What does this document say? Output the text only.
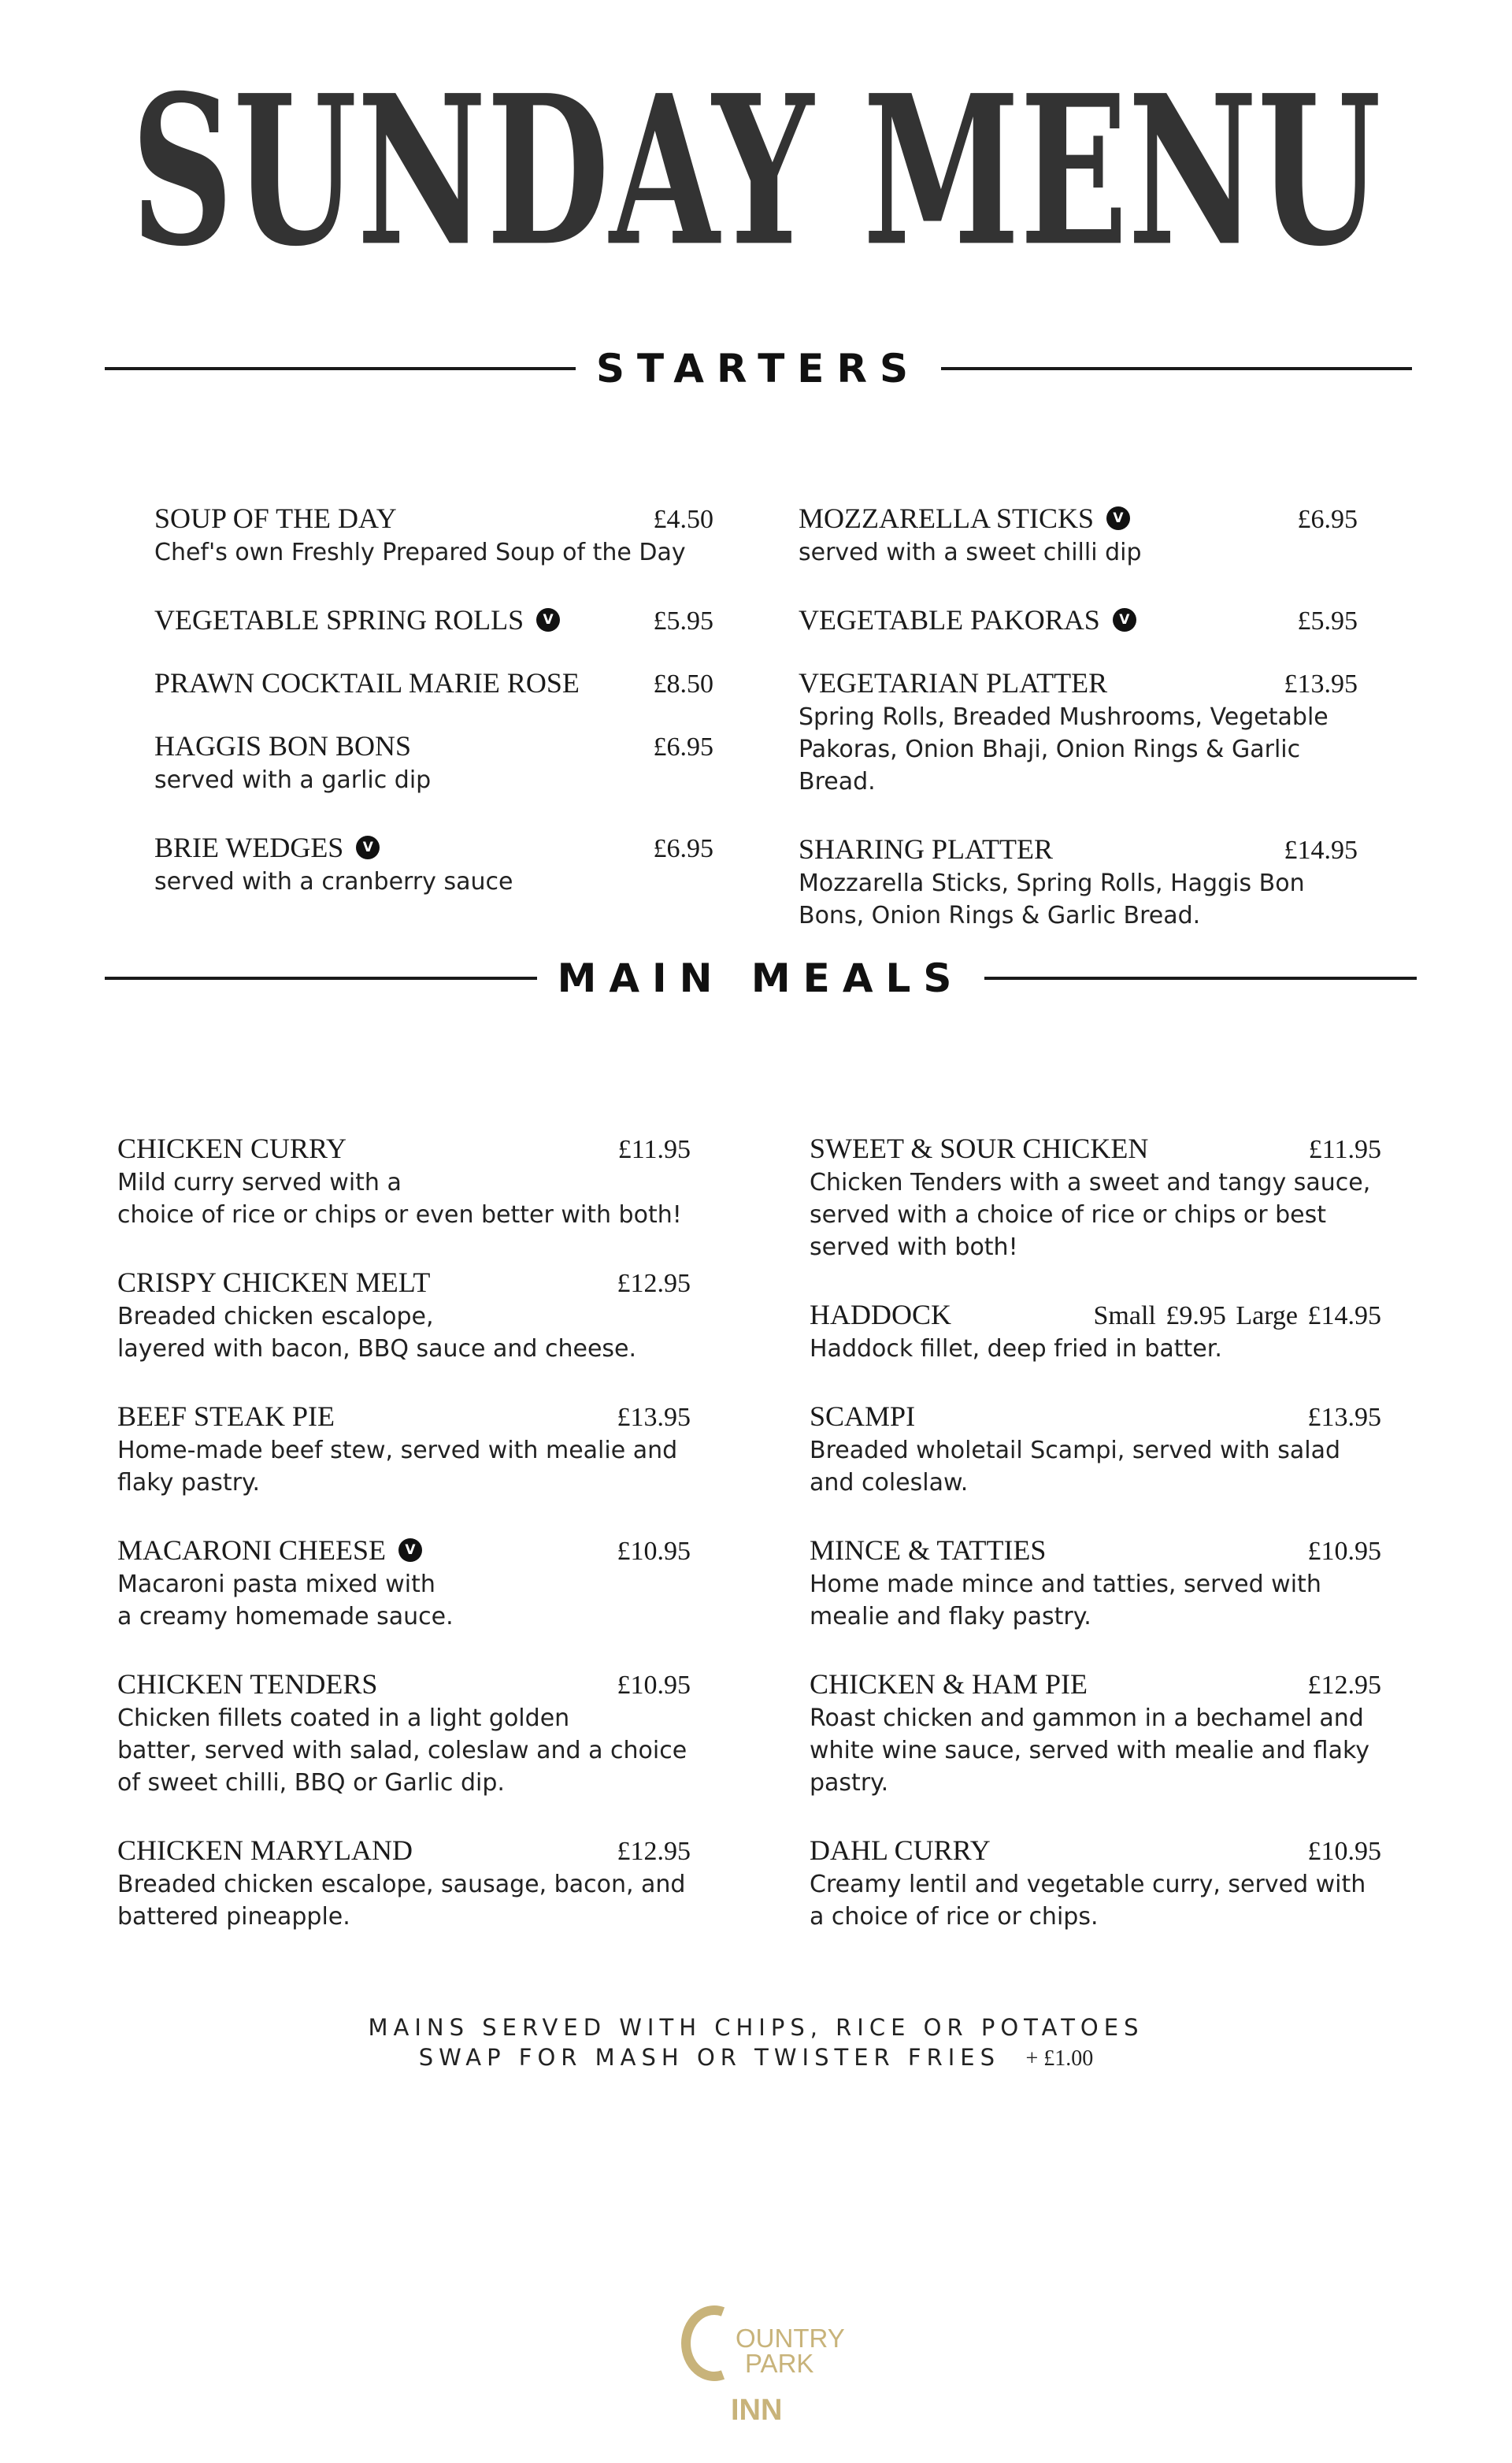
SUNDAY MENU
STARTERS
SOUP OF THE DAY	£4.50
Chef's own Freshly Prepared Soup of the Day
VEGETABLE SPRING ROLLS	V	£5.95
PRAWN COCKTAIL MARIE ROSE	£8.50
HAGGIS BON BONS	£6.95
served with a garlic dip
BRIE WEDGES	V	£6.95
served with a cranberry sauce
MOZZARELLA STICKS	V	£6.95
served with a sweet chilli dip
VEGETABLE PAKORAS	V	£5.95
VEGETARIAN PLATTER	£13.95
Spring Rolls, Breaded Mushrooms, Vegetable Pakoras, Onion Bhaji, Onion Rings & Garlic Bread.
SHARING PLATTER	£14.95
Mozzarella Sticks, Spring Rolls, Haggis Bon Bons, Onion Rings & Garlic Bread.
MAIN MEALS
CHICKEN CURRY	£11.95
Mild curry served with a
choice of rice or chips or even better with both!
CRISPY CHICKEN MELT	£12.95
Breaded chicken escalope,
layered with bacon, BBQ sauce and cheese.
BEEF STEAK PIE	£13.95
Home-made beef stew, served with mealie and flaky pastry.
MACARONI CHEESE	V	£10.95
Macaroni pasta mixed with
a creamy homemade sauce.
CHICKEN TENDERS	£10.95
Chicken fillets coated in a light golden
batter, served with salad, coleslaw and a choice of sweet chilli, BBQ or Garlic dip.
CHICKEN MARYLAND	£12.95
Breaded chicken escalope, sausage, bacon, and battered pineapple.
SWEET & SOUR CHICKEN	£11.95
Chicken Tenders with a sweet and tangy sauce, served with a choice of rice or chips or best served with both!
HADDOCK	Small £9.95 Large £14.95
Haddock fillet, deep fried in batter.
SCAMPI	£13.95
Breaded wholetail Scampi, served with salad and coleslaw.
MINCE & TATTIES	£10.95
Home made mince and tatties, served with mealie and flaky pastry.
CHICKEN & HAM PIE	£12.95
Roast chicken and gammon in a bechamel and white wine sauce, served with mealie and flaky pastry.
DAHL CURRY	£10.95
Creamy lentil and vegetable curry, served with a choice of rice or chips.
MAINS SERVED WITH CHIPS, RICE OR POTATOES
SWAP FOR MASH OR TWISTER FRIES + £1.00
OUNTRY
PARK
INN
